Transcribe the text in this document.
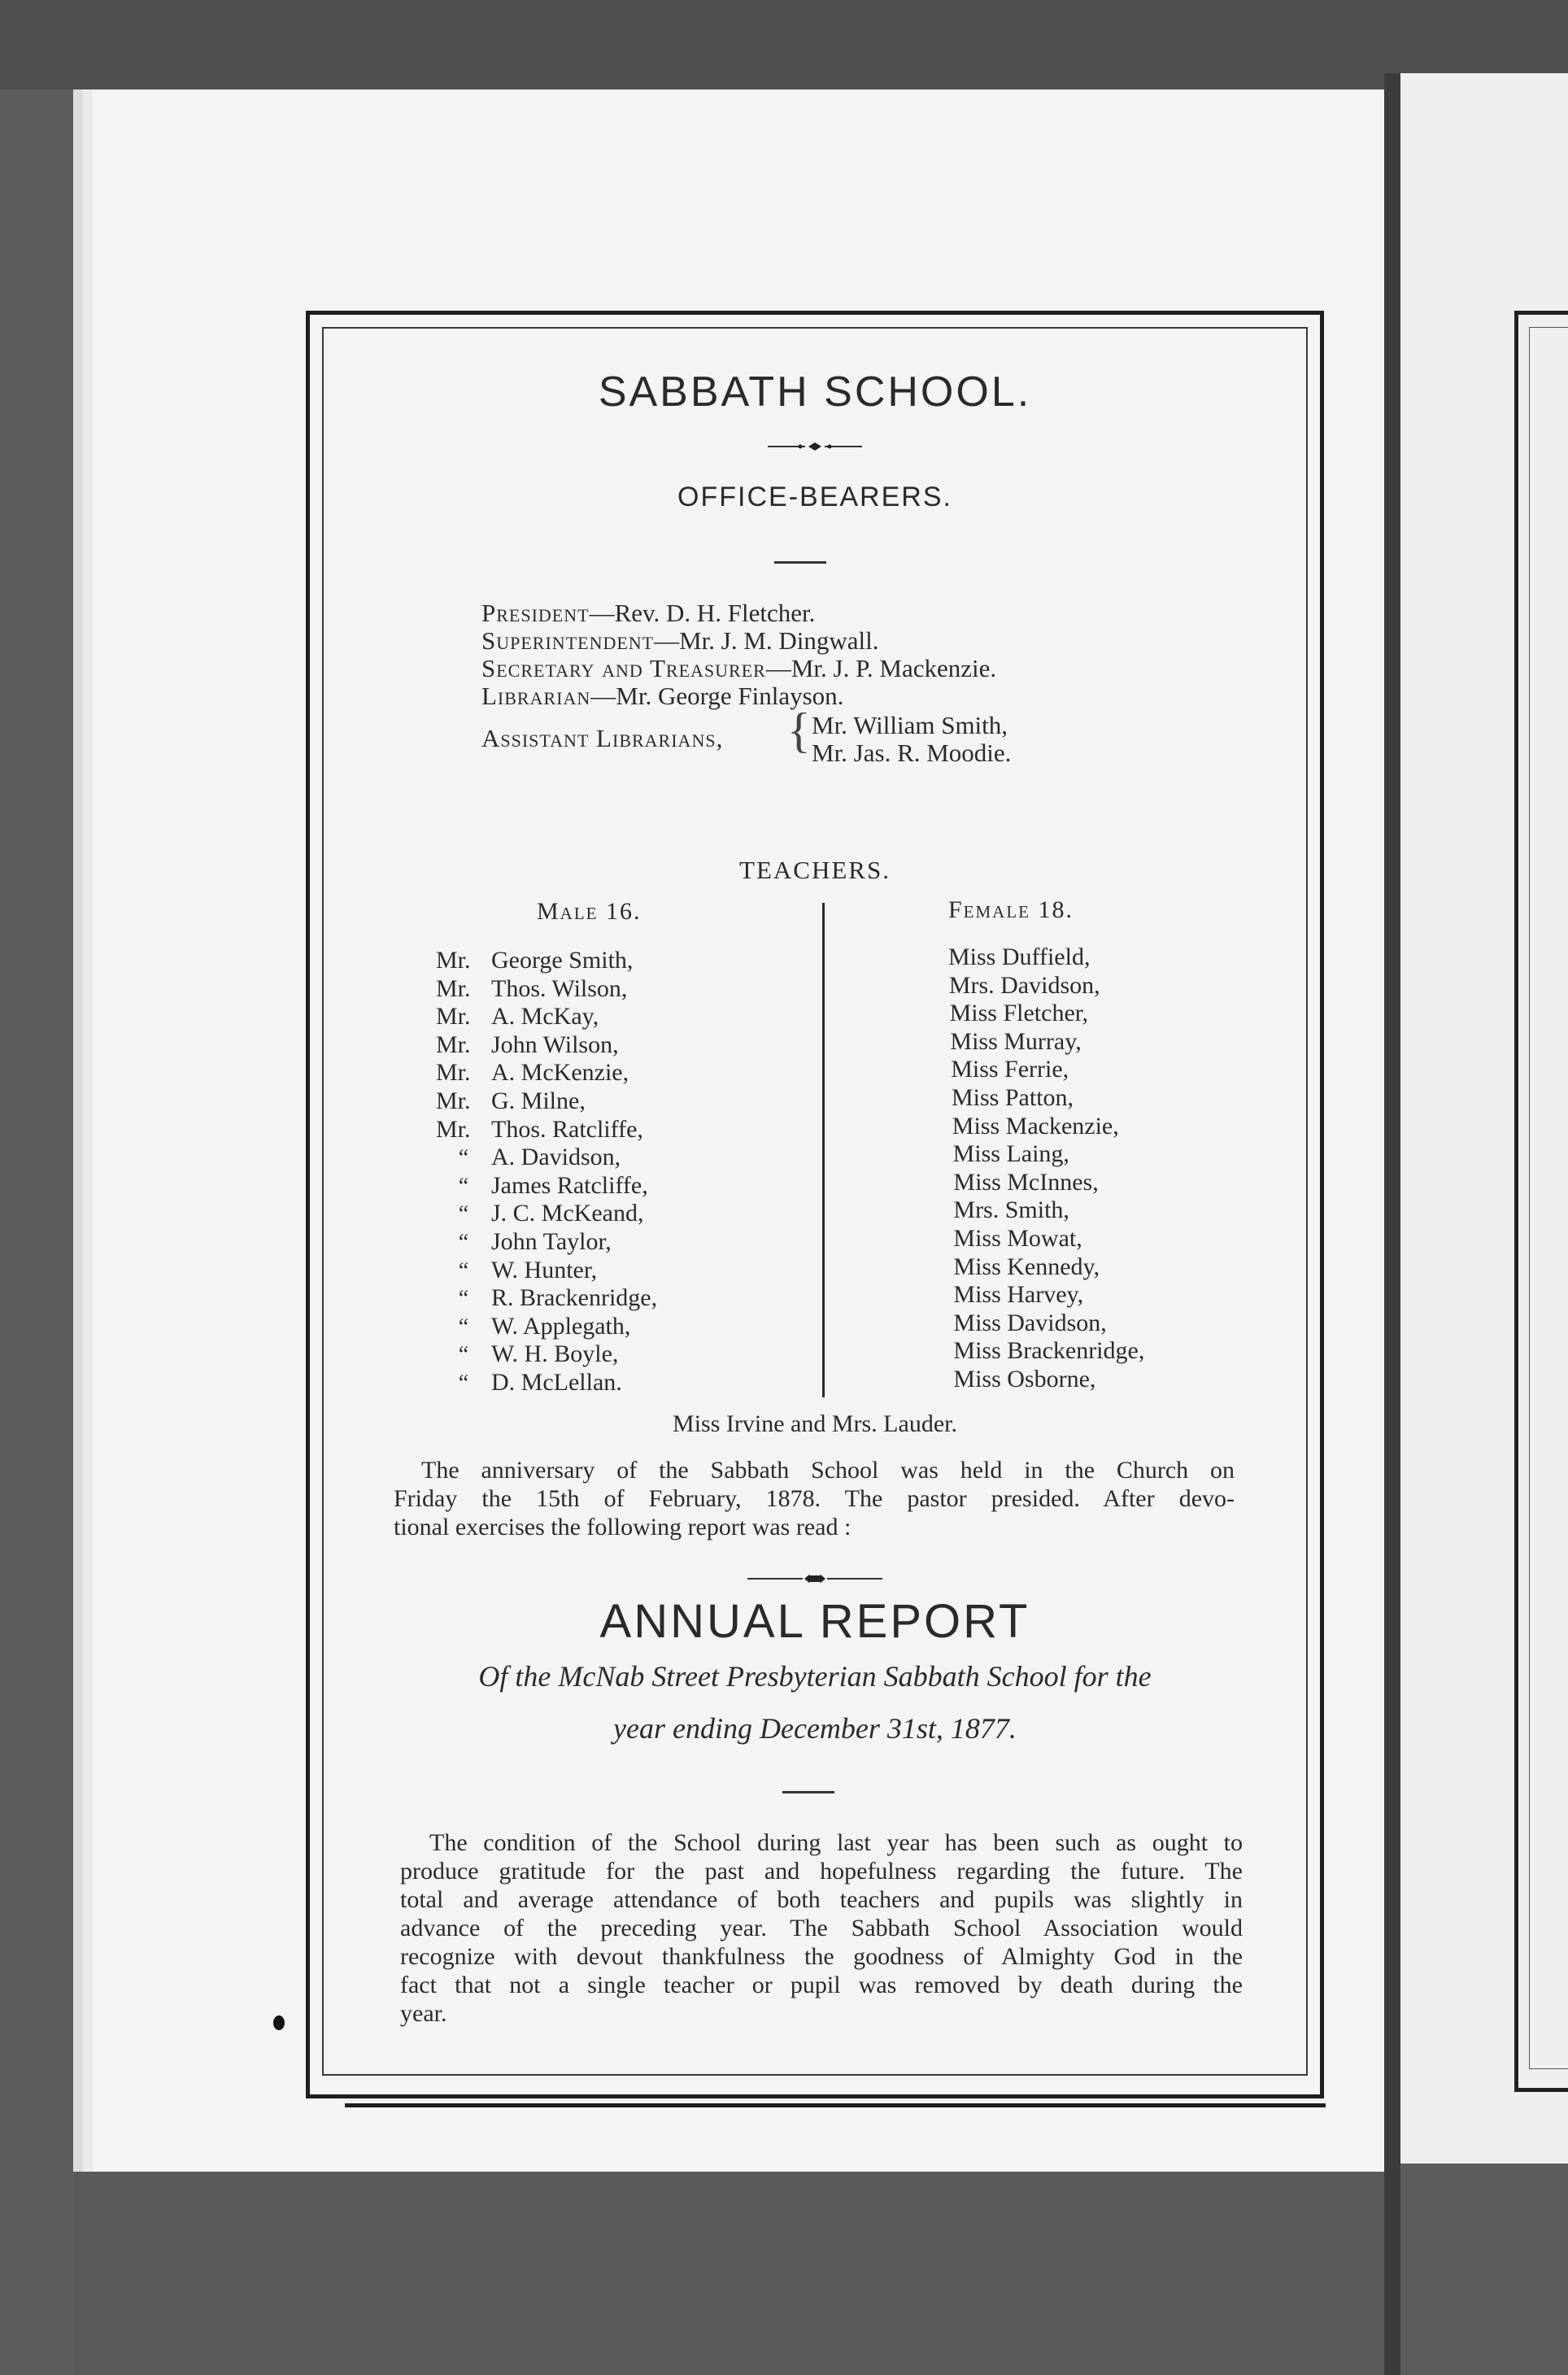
SABBATH SCHOOL.
OFFICE-BEARERS.
President—Rev. D. H. Fletcher.
Superintendent—Mr. J. M. Dingwall.
Secretary and Treasurer—Mr. J. P. Mackenzie.
Librarian—Mr. George Finlayson.
Assistant Librarians, { Mr. William Smith,
Mr. Jas. R. Moodie.
TEACHERS.
Male 16.	Female 18.
Mr. George Smith,
Mr. Thos. Wilson,
Mr. A. McKay,
Mr. John Wilson,
Mr. A. McKenzie,
Mr. G. Milne,
Mr. Thos. Ratcliffe,
“ A. Davidson,
“ James Ratcliffe,
“ J. C. McKeand,
“ John Taylor,
“ W. Hunter,
“ R. Brackenridge,
“ W. Applegath,
“ W. H. Boyle,
“ D. McLellan.
Miss Duffield,
Mrs. Davidson,
Miss Fletcher,
Miss Murray,
Miss Ferrie,
Miss Patton,
Miss Mackenzie,
Miss Laing,
Miss McInnes,
Mrs. Smith,
Miss Mowat,
Miss Kennedy,
Miss Harvey,
Miss Davidson,
Miss Brackenridge,
Miss Osborne,
Miss Irvine and Mrs. Lauder.
The anniversary of the Sabbath School was held in the Church on
Friday the 15th of February, 1878. The pastor presided. After devo-
tional exercises the following report was read :
ANNUAL REPORT
Of the McNab Street Presbyterian Sabbath School for the
year ending December 31st, 1877.
The condition of the School during last year has been such as ought to
produce gratitude for the past and hopefulness regarding the future. The
total and average attendance of both teachers and pupils was slightly in
advance of the preceding year. The Sabbath School Association would
recognize with devout thankfulness the goodness of Almighty God in the
fact that not a single teacher or pupil was removed by death during the
year.
